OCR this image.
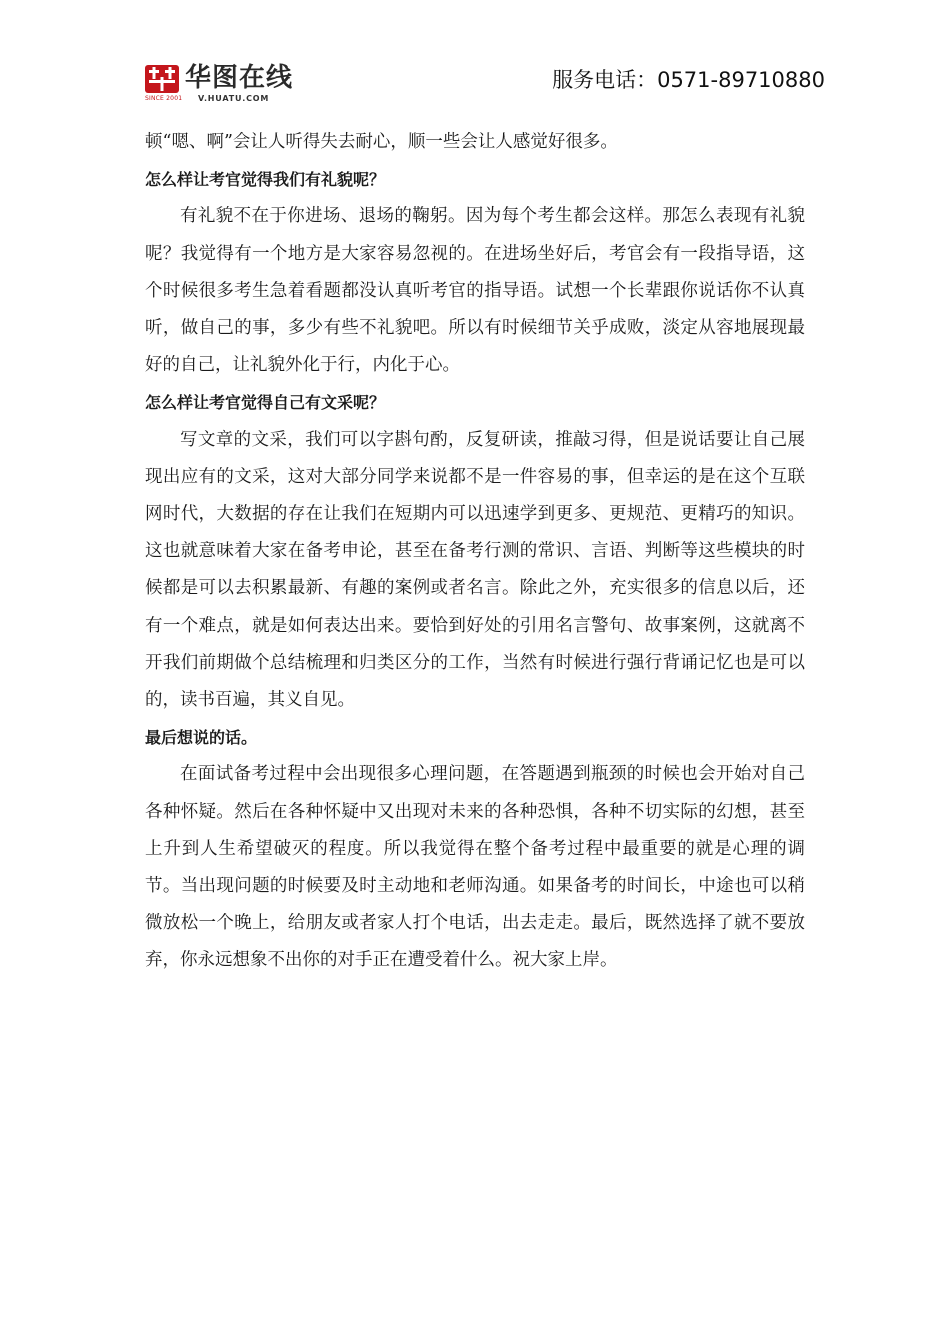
SINCE 2001
华图在线
V.HUATU.COM
服务电话：0571-89710880

顿“嗯、啊”会让人听得失去耐心，顺一些会让人感觉好很多。

怎么样让考官觉得我们有礼貌呢？

有礼貌不在于你进场、退场的鞠躬。因为每个考生都会这样。那怎么表现有礼貌呢？我觉得有一个地方是大家容易忽视的。在进场坐好后，考官会有一段指导语，这个时候很多考生急着看题都没认真听考官的指导语。试想一个长辈跟你说话你不认真听，做自己的事，多少有些不礼貌吧。所以有时候细节关乎成败，淡定从容地展现最好的自己，让礼貌外化于行，内化于心。

怎么样让考官觉得自己有文采呢？

写文章的文采，我们可以字斟句酌，反复研读，推敲习得，但是说话要让自己展现出应有的文采，这对大部分同学来说都不是一件容易的事，但幸运的是在这个互联网时代，大数据的存在让我们在短期内可以迅速学到更多、更规范、更精巧的知识。这也就意味着大家在备考申论，甚至在备考行测的常识、言语、判断等这些模块的时候都是可以去积累最新、有趣的案例或者名言。除此之外，充实很多的信息以后，还有一个难点，就是如何表达出来。要恰到好处的引用名言警句、故事案例，这就离不开我们前期做个总结梳理和归类区分的工作，当然有时候进行强行背诵记忆也是可以的，读书百遍，其义自见。

最后想说的话。

在面试备考过程中会出现很多心理问题，在答题遇到瓶颈的时候也会开始对自己各种怀疑。然后在各种怀疑中又出现对未来的各种恐惧，各种不切实际的幻想，甚至上升到人生希望破灭的程度。所以我觉得在整个备考过程中最重要的就是心理的调节。当出现问题的时候要及时主动地和老师沟通。如果备考的时间长，中途也可以稍微放松一个晚上，给朋友或者家人打个电话，出去走走。最后，既然选择了就不要放弃，你永远想象不出你的对手正在遭受着什么。祝大家上岸。
